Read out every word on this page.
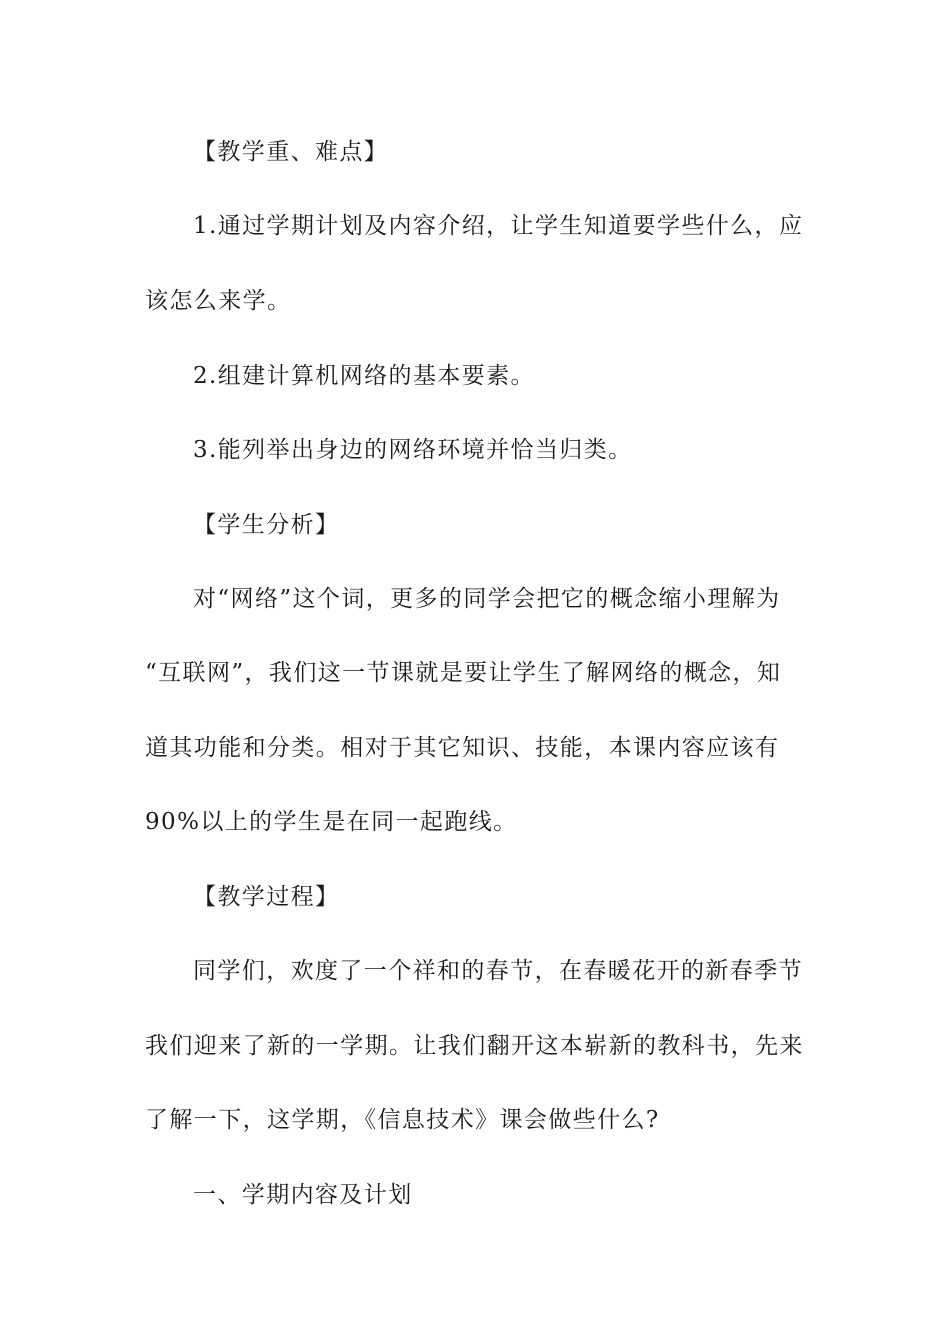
【教学重、难点】
1.通过学期计划及内容介绍，让学生知道要学些什么，应
该怎么来学。
2.组建计算机网络的基本要素。
3.能列举出身边的网络环境并恰当归类。
【学生分析】
对“网络”这个词，更多的同学会把它的概念缩小理解为
“互联网”，我们这一节课就是要让学生了解网络的概念，知
道其功能和分类。相对于其它知识、技能，本课内容应该有
90%以上的学生是在同一起跑线。
【教学过程】
同学们，欢度了一个祥和的春节，在春暖花开的新春季节
我们迎来了新的一学期。让我们翻开这本崭新的教科书，先来
了解一下，这学期，《信息技术》课会做些什么?
一、学期内容及计划
